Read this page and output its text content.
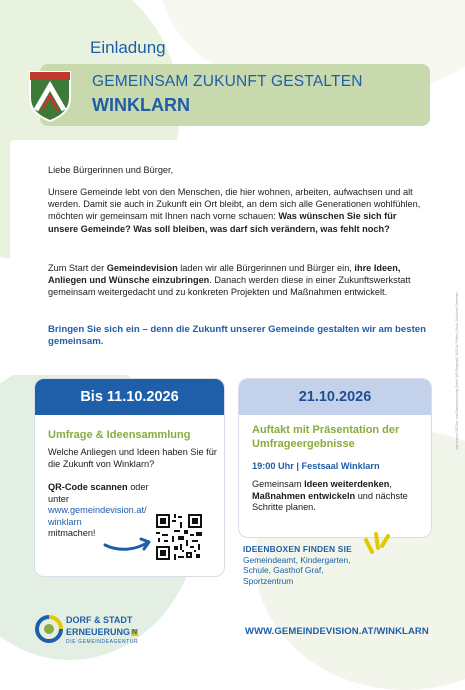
Einladung
GEMEINSAM ZUKUNFT GESTALTEN
WINKLARN

Liebe Bürgerinnen und Bürger,

Unsere Gemeinde lebt von den Menschen, die hier wohnen, arbeiten, aufwachsen und alt werden. Damit sie auch in Zukunft ein Ort bleibt, an dem sich alle Generationen wohlfühlen, möchten wir gemeinsam mit Ihnen nach vorne schauen: Was wünschen Sie sich für unsere Gemeinde? Was soll bleiben, was darf sich verändern, was fehlt noch?

Zum Start der Gemeindevision laden wir alle Bürgerinnen und Bürger ein, ihre Ideen, Anliegen und Wünsche einzubringen. Danach werden diese in einer Zukunftswerkstatt gemeinsam weitergedacht und zu konkreten Projekten und Maßnahmen entwickelt.

Bringen Sie sich ein – denn die Zukunft unserer Gemeinde gestalten wir am besten gemeinsam.

Bis 11.10.2026	21.10.2026

Umfrage & Ideensammlung

Welche Anliegen und Ideen haben Sie für die Zukunft von Winklarn?

QR-Code scannen oder unter
www.gemeindevision.at/
winklarn
mitmachen!

Auftakt mit Präsentation der Umfrageergebnisse

19:00 Uhr | Festsaal Winklarn

Gemeinsam Ideen weiterdenken, Maßnahmen entwickeln und nächste Schritte planen.

IDEENBOXEN FINDEN SIE
Gemeindeamt, Kindergarten,
Schule, Gasthof Graf,
Sportzentrum

DORF & STADT
ERNEUERUNG N
DIE GEMEINDEAGENTUR
WWW.GEMEINDEVISION.AT/WINKLARN
Impressum: NÖ Dorf- und Stadterneuerung GmbH (NÖ.Regional), 3100 St. Pölten | Druck: Druckerei Gemeinde
